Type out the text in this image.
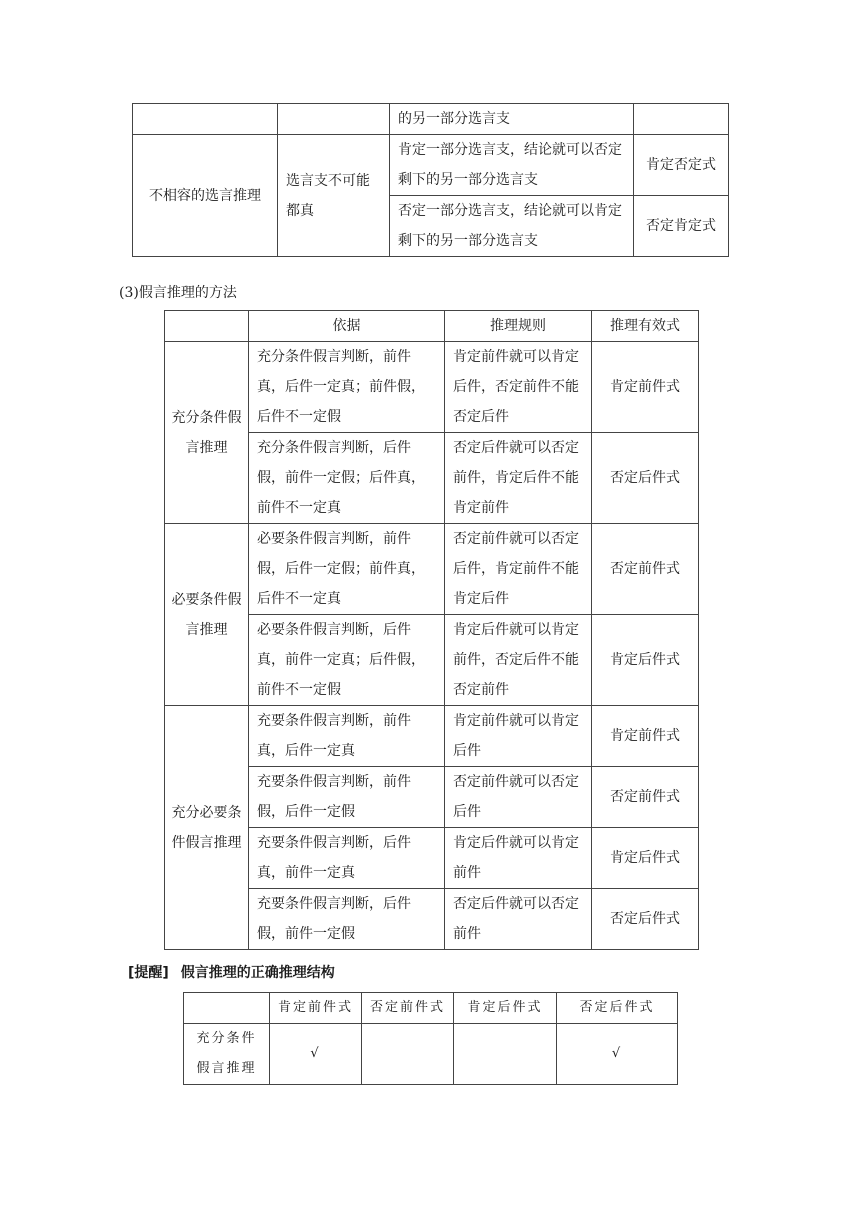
		的另一部分选言支	
不相容的选言推理	选言支不可能都真	肯定一部分选言支，结论就可以否定剩下的另一部分选言支	肯定否定式
		否定一部分选言支，结论就可以肯定剩下的另一部分选言支	否定肯定式
(3)假言推理的方法
	依据	推理规则	推理有效式
充分条件假言推理	充分条件假言判断，前件真，后件一定真；前件假，后件不一定假	肯定前件就可以肯定后件，否定前件不能否定后件	肯定前件式
	充分条件假言判断，后件假，前件一定假；后件真，前件不一定真	否定后件就可以否定前件，肯定后件不能肯定前件	否定后件式
必要条件假言推理	必要条件假言判断，前件假，后件一定假；前件真，后件不一定真	否定前件就可以否定后件，肯定前件不能肯定后件	否定前件式
	必要条件假言判断，后件真，前件一定真；后件假，前件不一定假	肯定后件就可以肯定前件，否定后件不能否定前件	肯定后件式
充分必要条件假言推理	充要条件假言判断，前件真，后件一定真	肯定前件就可以肯定后件	肯定前件式
	充要条件假言判断，前件假，后件一定假	否定前件就可以否定后件	否定前件式
	充要条件假言判断，后件真，前件一定真	肯定后件就可以肯定前件	肯定后件式
	充要条件假言判断，后件假，前件一定假	否定后件就可以否定前件	否定后件式
[提醒] 假言推理的正确推理结构
	肯定前件式	否定前件式	肯定后件式	否定后件式
充分条件假言推理	√			√
